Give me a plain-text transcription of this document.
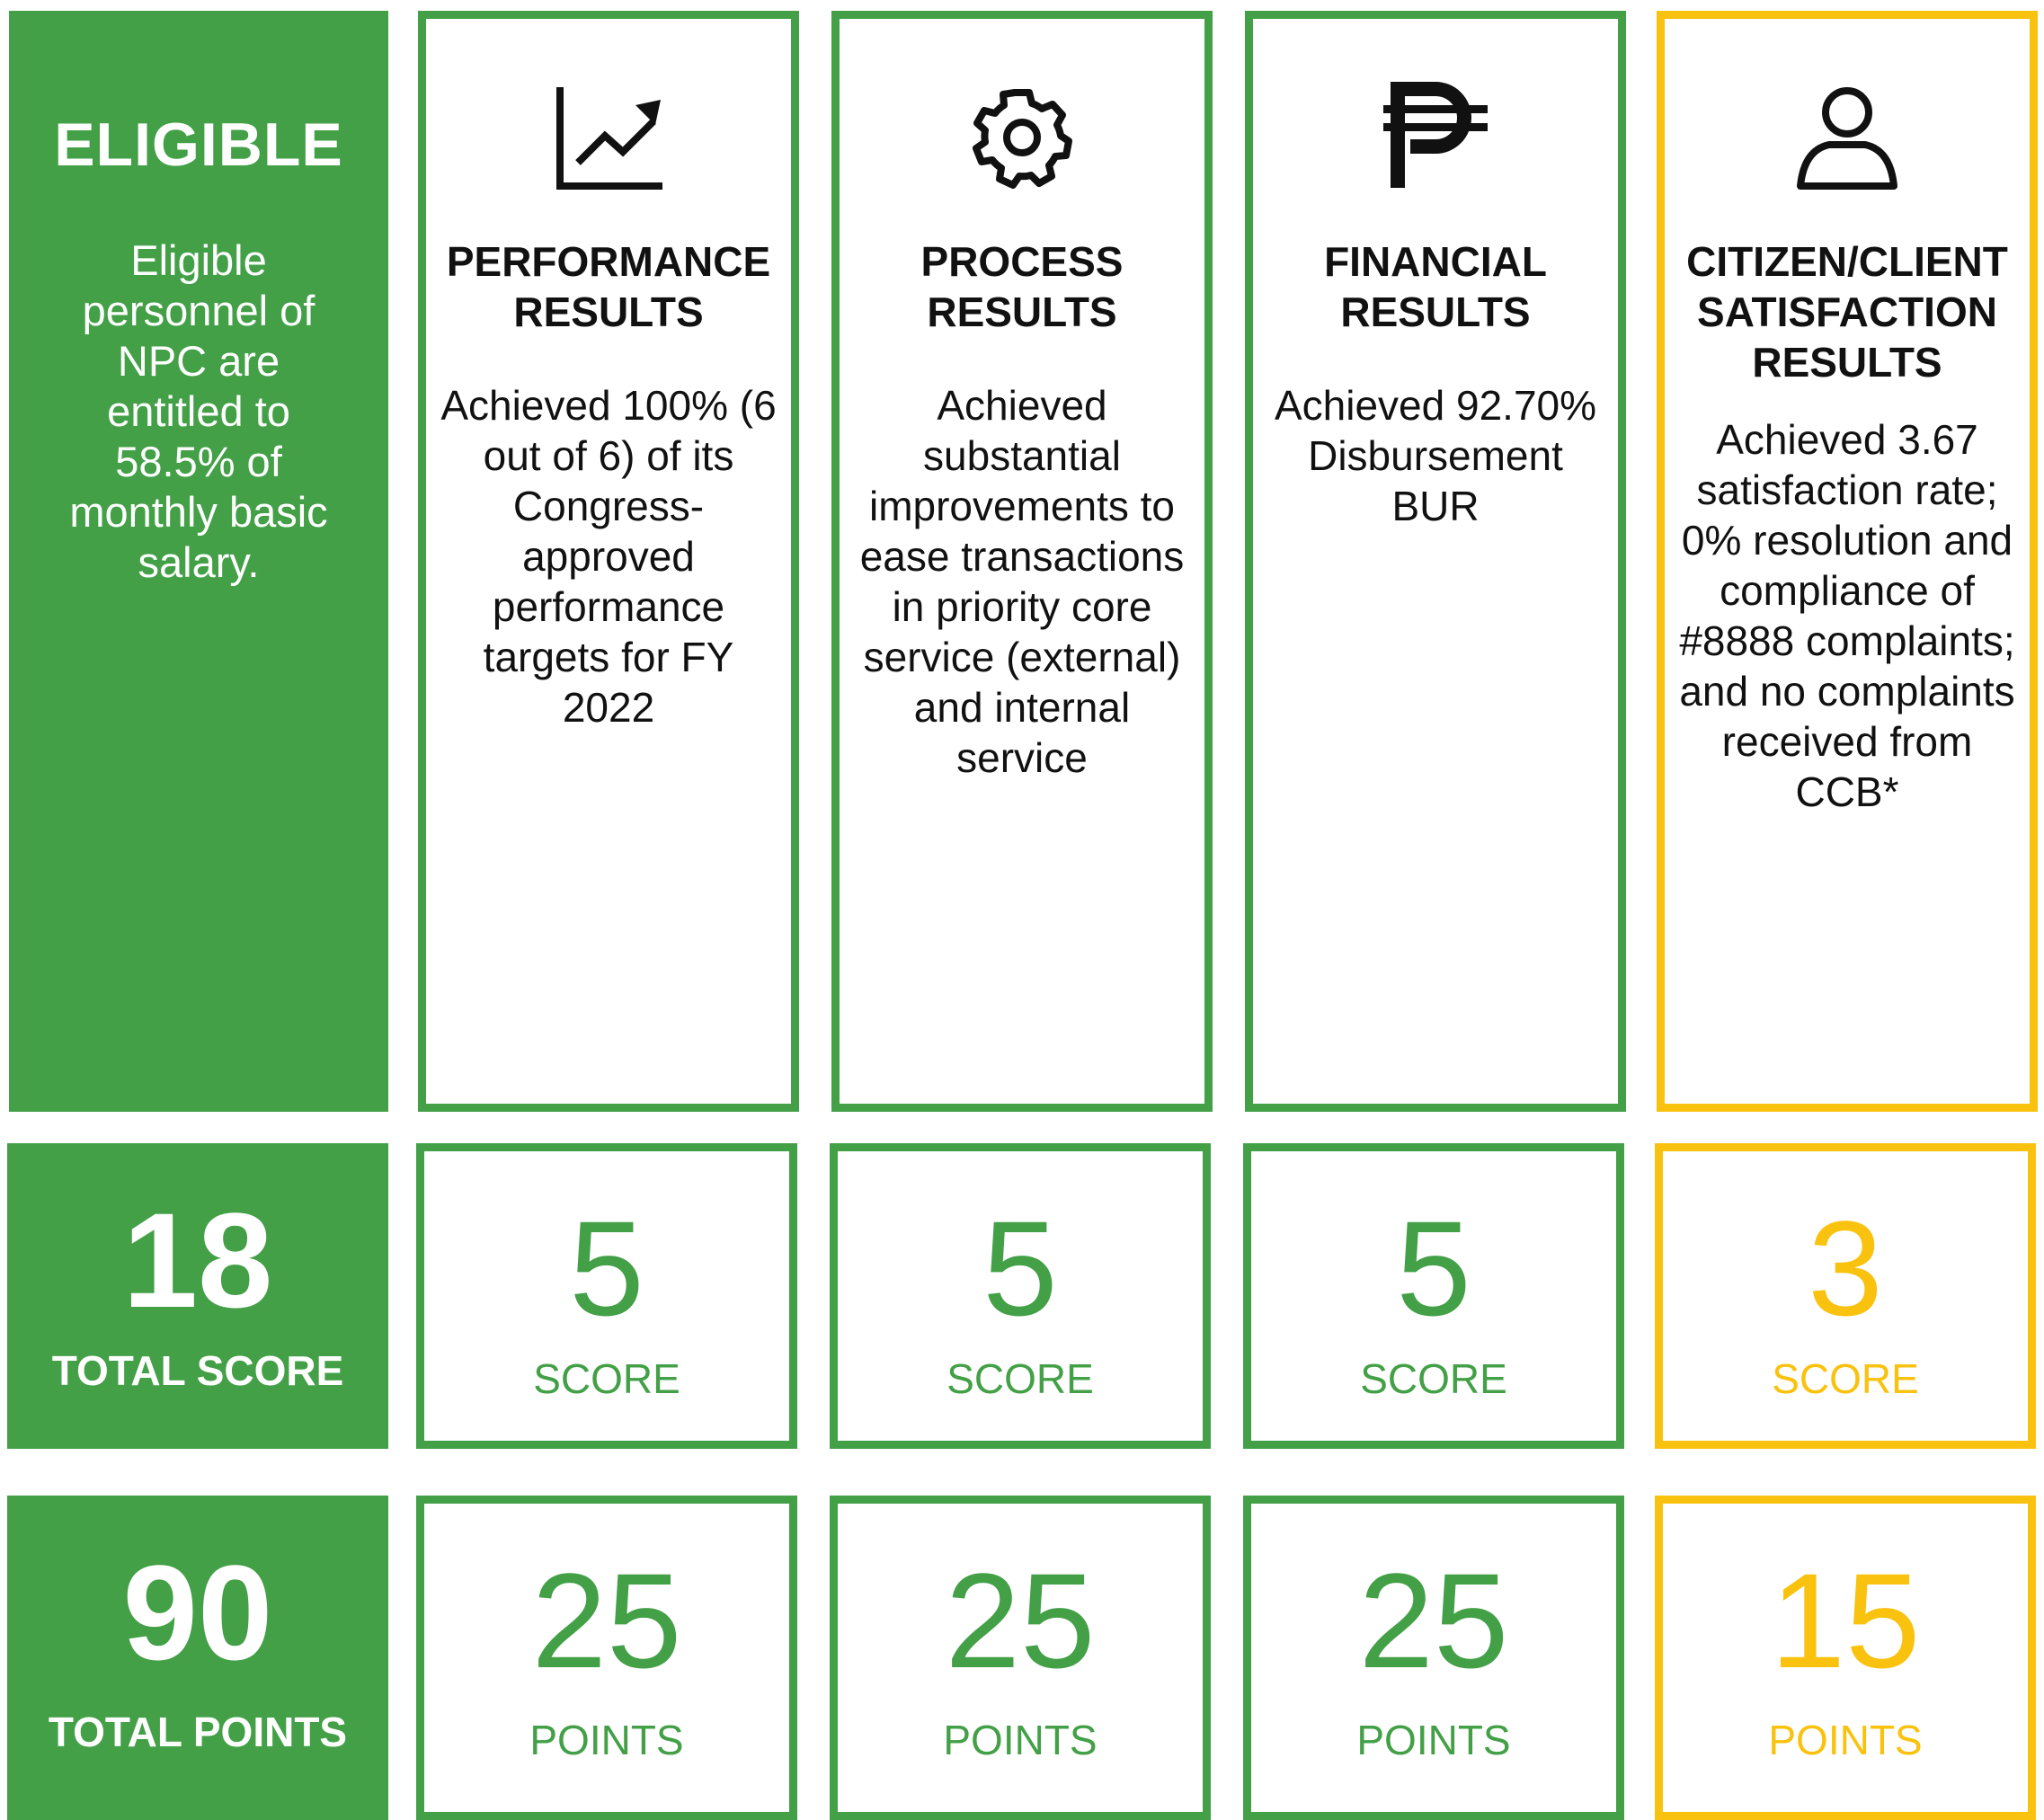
ELIGIBLE
Eligible personnel of NPC are entitled to 58.5% of monthly basic salary.
PERFORMANCE
RESULTS
Achieved 100% (6 out of 6) of its Congress-approved performance targets for FY 2022
PROCESS
RESULTS
Achieved substantial improvements to ease transactions in priority core service (external) and internal service
FINANCIAL
RESULTS
Achieved 92.70% Disbursement BUR
CITIZEN/CLIENT
SATISFACTION
RESULTS
Achieved 3.67 satisfaction rate; 0% resolution and compliance of #8888 complaints; and no complaints received from CCB*
18
TOTAL SCORE
5
SCORE
5
SCORE
5
SCORE
3
SCORE
90
TOTAL POINTS
25
POINTS
25
POINTS
25
POINTS
15
POINTS
